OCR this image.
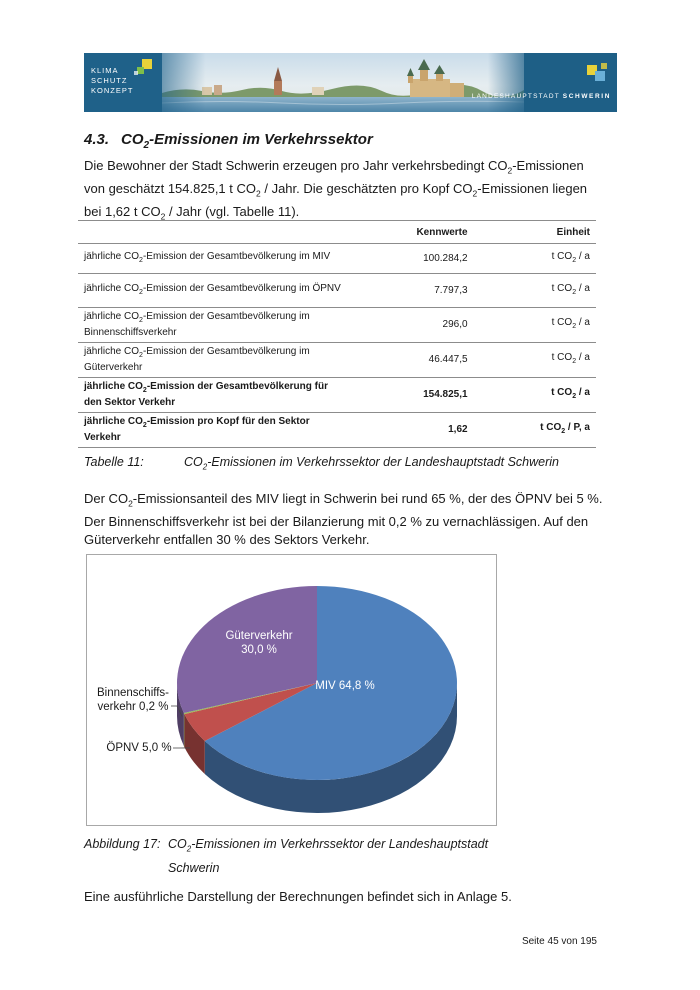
KLIMA
SCHUTZ
KONZEPT
LANDESHAUPTSTADT SCHWERIN
4.3. $CO_2$-Emissionen im Verkehrssektor

Die Bewohner der Stadt Schwerin erzeugen pro Jahr verkehrsbedingt $CO_2$-Emissionen
von geschätzt 154.825,1 t $CO_2$ / Jahr. Die geschätzten pro Kopf $CO_2$-Emissionen liegen
bei 1,62 t $CO_2$ / Jahr (vgl. Tabelle 11).

	Kennwerte	Einheit
jährliche $CO_2$-Emission der Gesamtbevölkerung im MIV	100.284,2	t $CO_2$ / a
jährliche $CO_2$-Emission der Gesamtbevölkerung im ÖPNV	7.797,3	t $CO_2$ / a
jährliche $CO_2$-Emission der Gesamtbevölkerung im Binnenschiffsverkehr	296,0	t $CO_2$ / a
jährliche $CO_2$-Emission der Gesamtbevölkerung im Güterverkehr	46.447,5	t $CO_2$ / a
jährliche $CO_2$-Emission der Gesamtbevölkerung für den Sektor Verkehr	154.825,1	t $CO_2$ / a
jährliche $CO_2$-Emission pro Kopf für den Sektor Verkehr	1,62	t $CO_2$ / P, a

Tabelle 11:	$CO_2$-Emissionen im Verkehrssektor der Landeshauptstadt Schwerin

Der $CO_2$-Emissionsanteil des MIV liegt in Schwerin bei rund 65 %, der des ÖPNV bei 5 %.
Der Binnenschiffsverkehr ist bei der Bilanzierung mit 0,2 % zu vernachlässigen. Auf den
Güterverkehr entfallen 30 % des Sektors Verkehr.

MIV 64,8 %
Güterverkehr
30,0 %
Binnenschiffs-
verkehr 0,2 %
ÖPNV 5,0 %

Abbildung 17: $CO_2$-Emissionen im Verkehrssektor der Landeshauptstadt
Schwerin

Eine ausführliche Darstellung der Berechnungen befindet sich in Anlage 5.

Seite 45 von 195
